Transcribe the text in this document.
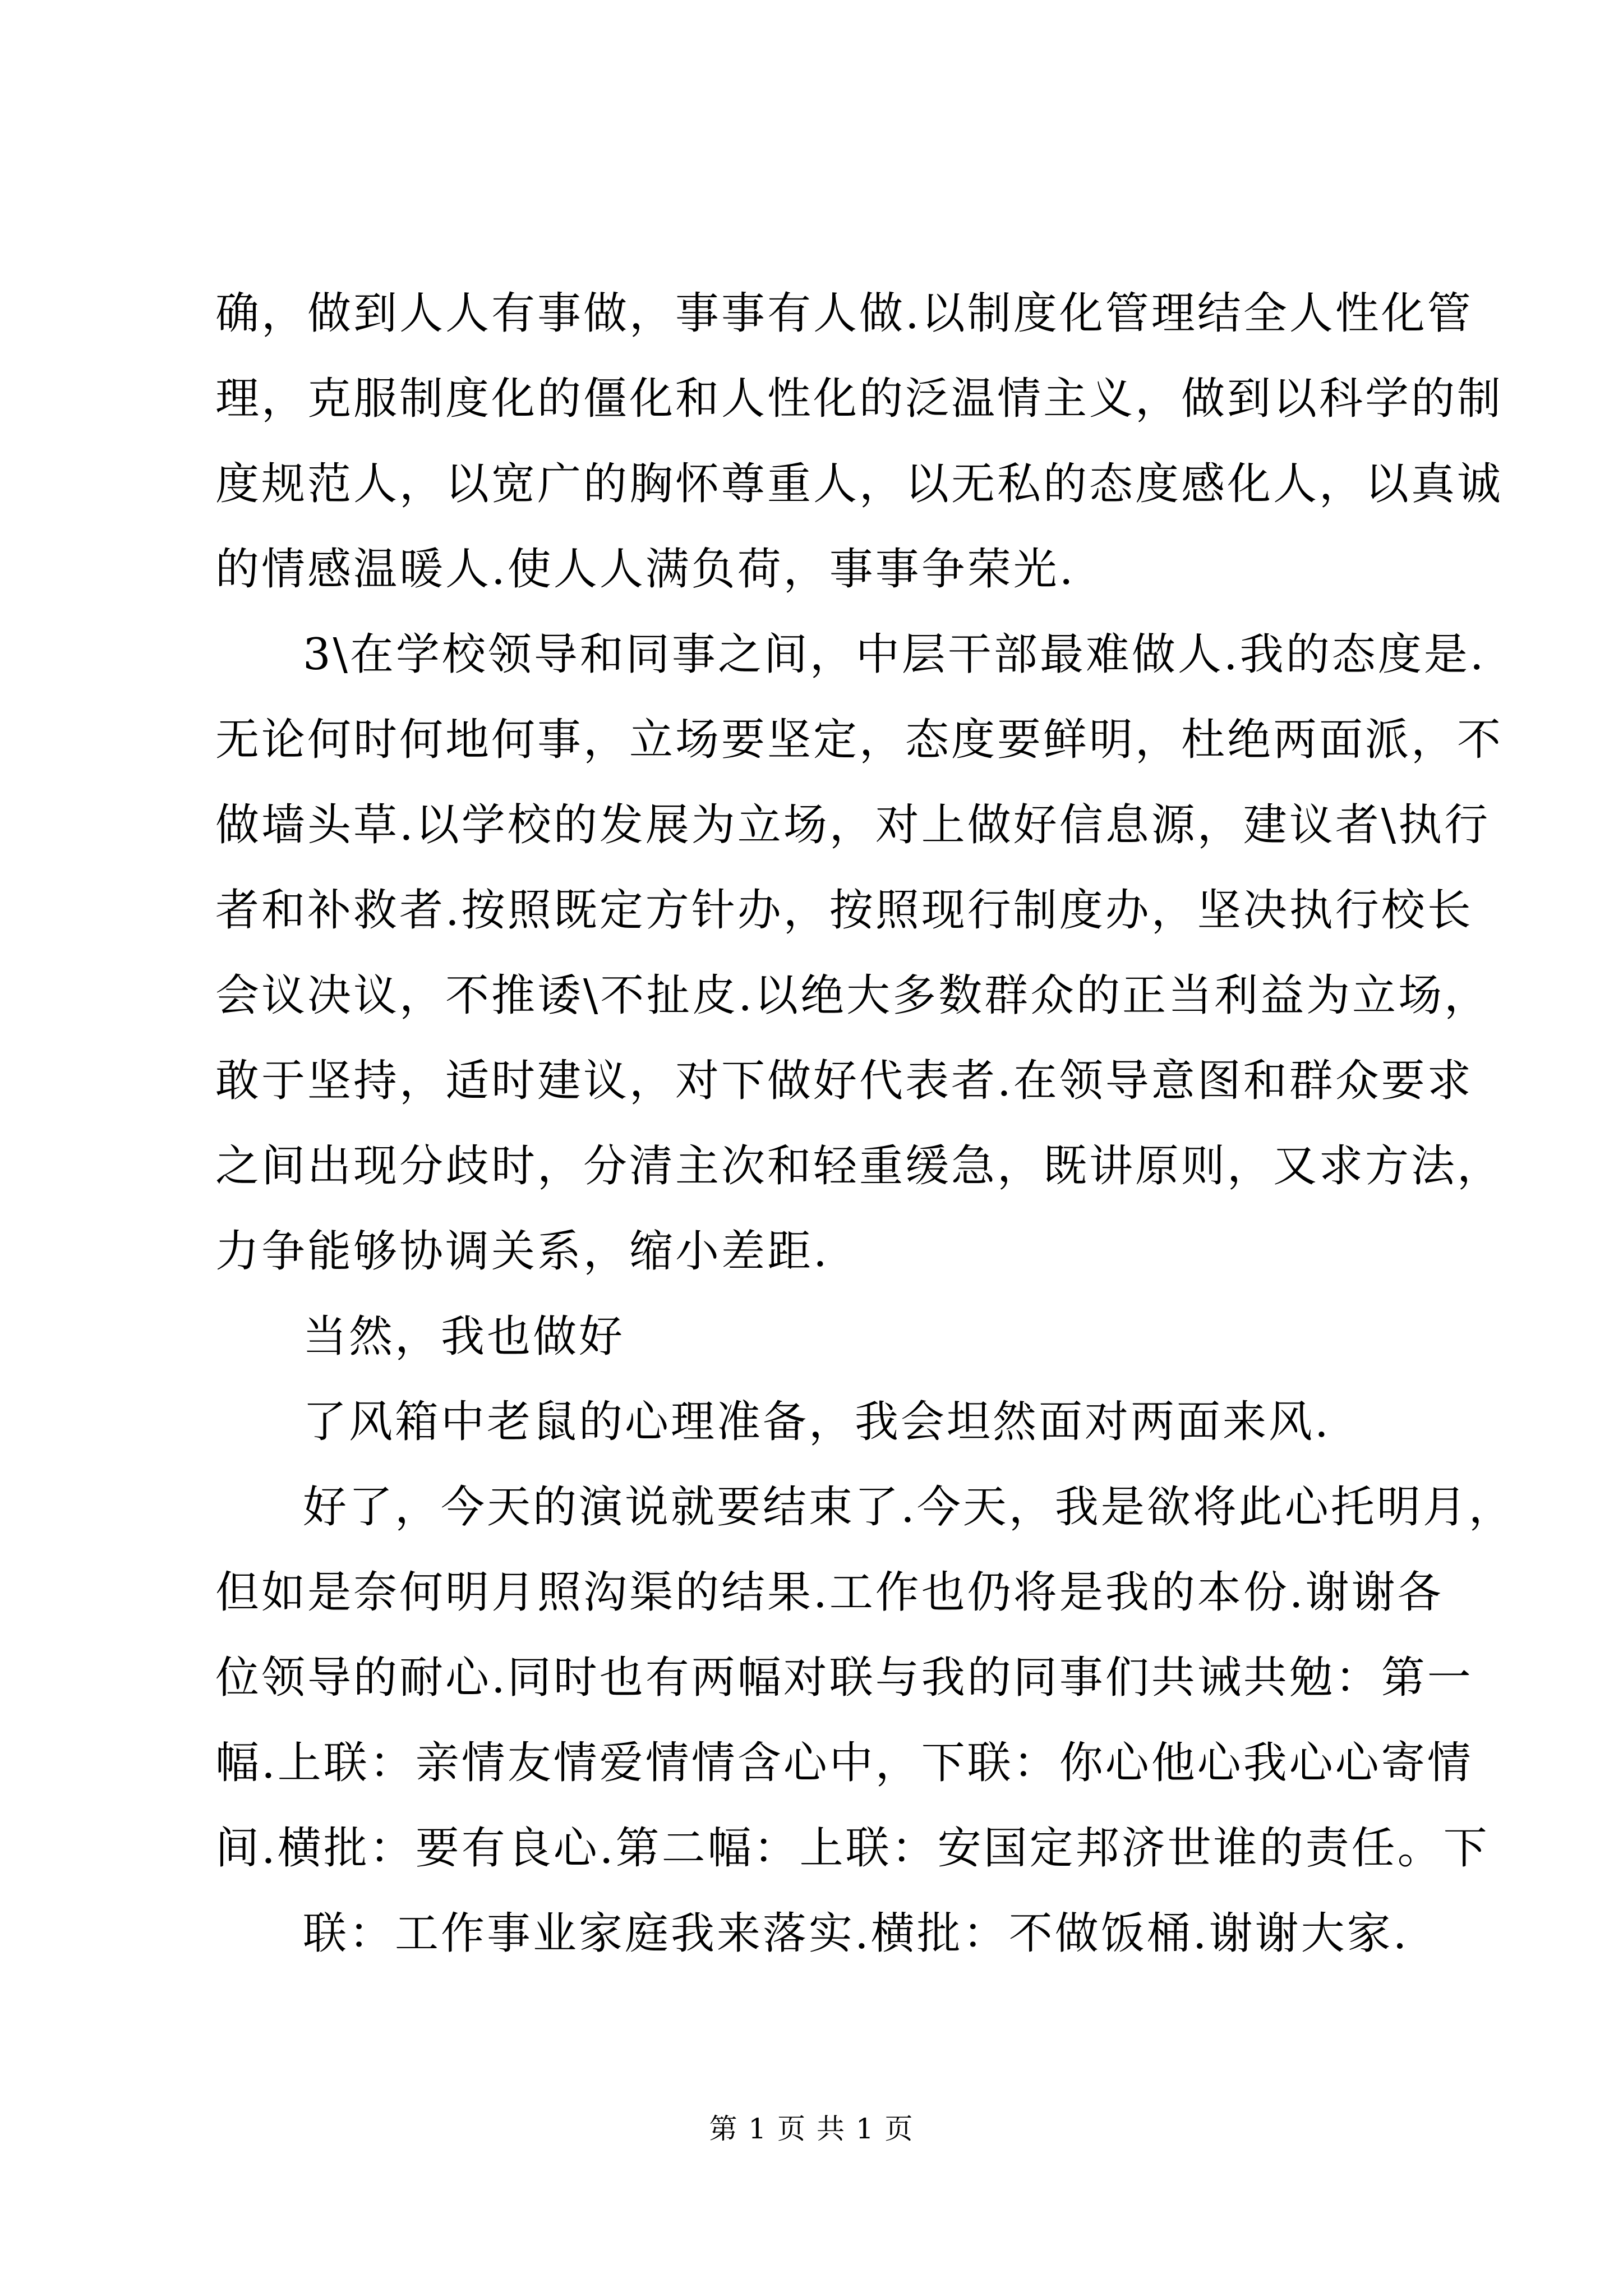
确，做到人人有事做，事事有人做.以制度化管理结全人性化管
理，克服制度化的僵化和人性化的泛温情主义，做到以科学的制
度规范人，以宽广的胸怀尊重人，以无私的态度感化人，以真诚
的情感温暖人.使人人满负荷，事事争荣光.
3\在学校领导和同事之间，中层干部最难做人.我的态度是.
无论何时何地何事，立场要坚定，态度要鲜明，杜绝两面派，不
做墙头草.以学校的发展为立场，对上做好信息源，建议者\执行
者和补救者.按照既定方针办，按照现行制度办，坚决执行校长
会议决议，不推诿\不扯皮.以绝大多数群众的正当利益为立场，
敢于坚持，适时建议，对下做好代表者.在领导意图和群众要求
之间出现分歧时，分清主次和轻重缓急，既讲原则，又求方法，
力争能够协调关系，缩小差距.
当然，我也做好
了风箱中老鼠的心理准备，我会坦然面对两面来风.
好了，今天的演说就要结束了.今天，我是欲将此心托明月，
但如是奈何明月照沟渠的结果.工作也仍将是我的本份.谢谢各
位领导的耐心.同时也有两幅对联与我的同事们共诫共勉：第一
幅.上联：亲情友情爱情情含心中，下联：你心他心我心心寄情
间.横批：要有良心.第二幅：上联：安国定邦济世谁的责任。下
联：工作事业家庭我来落实.横批：不做饭桶.谢谢大家.
第 1 页 共 1 页
